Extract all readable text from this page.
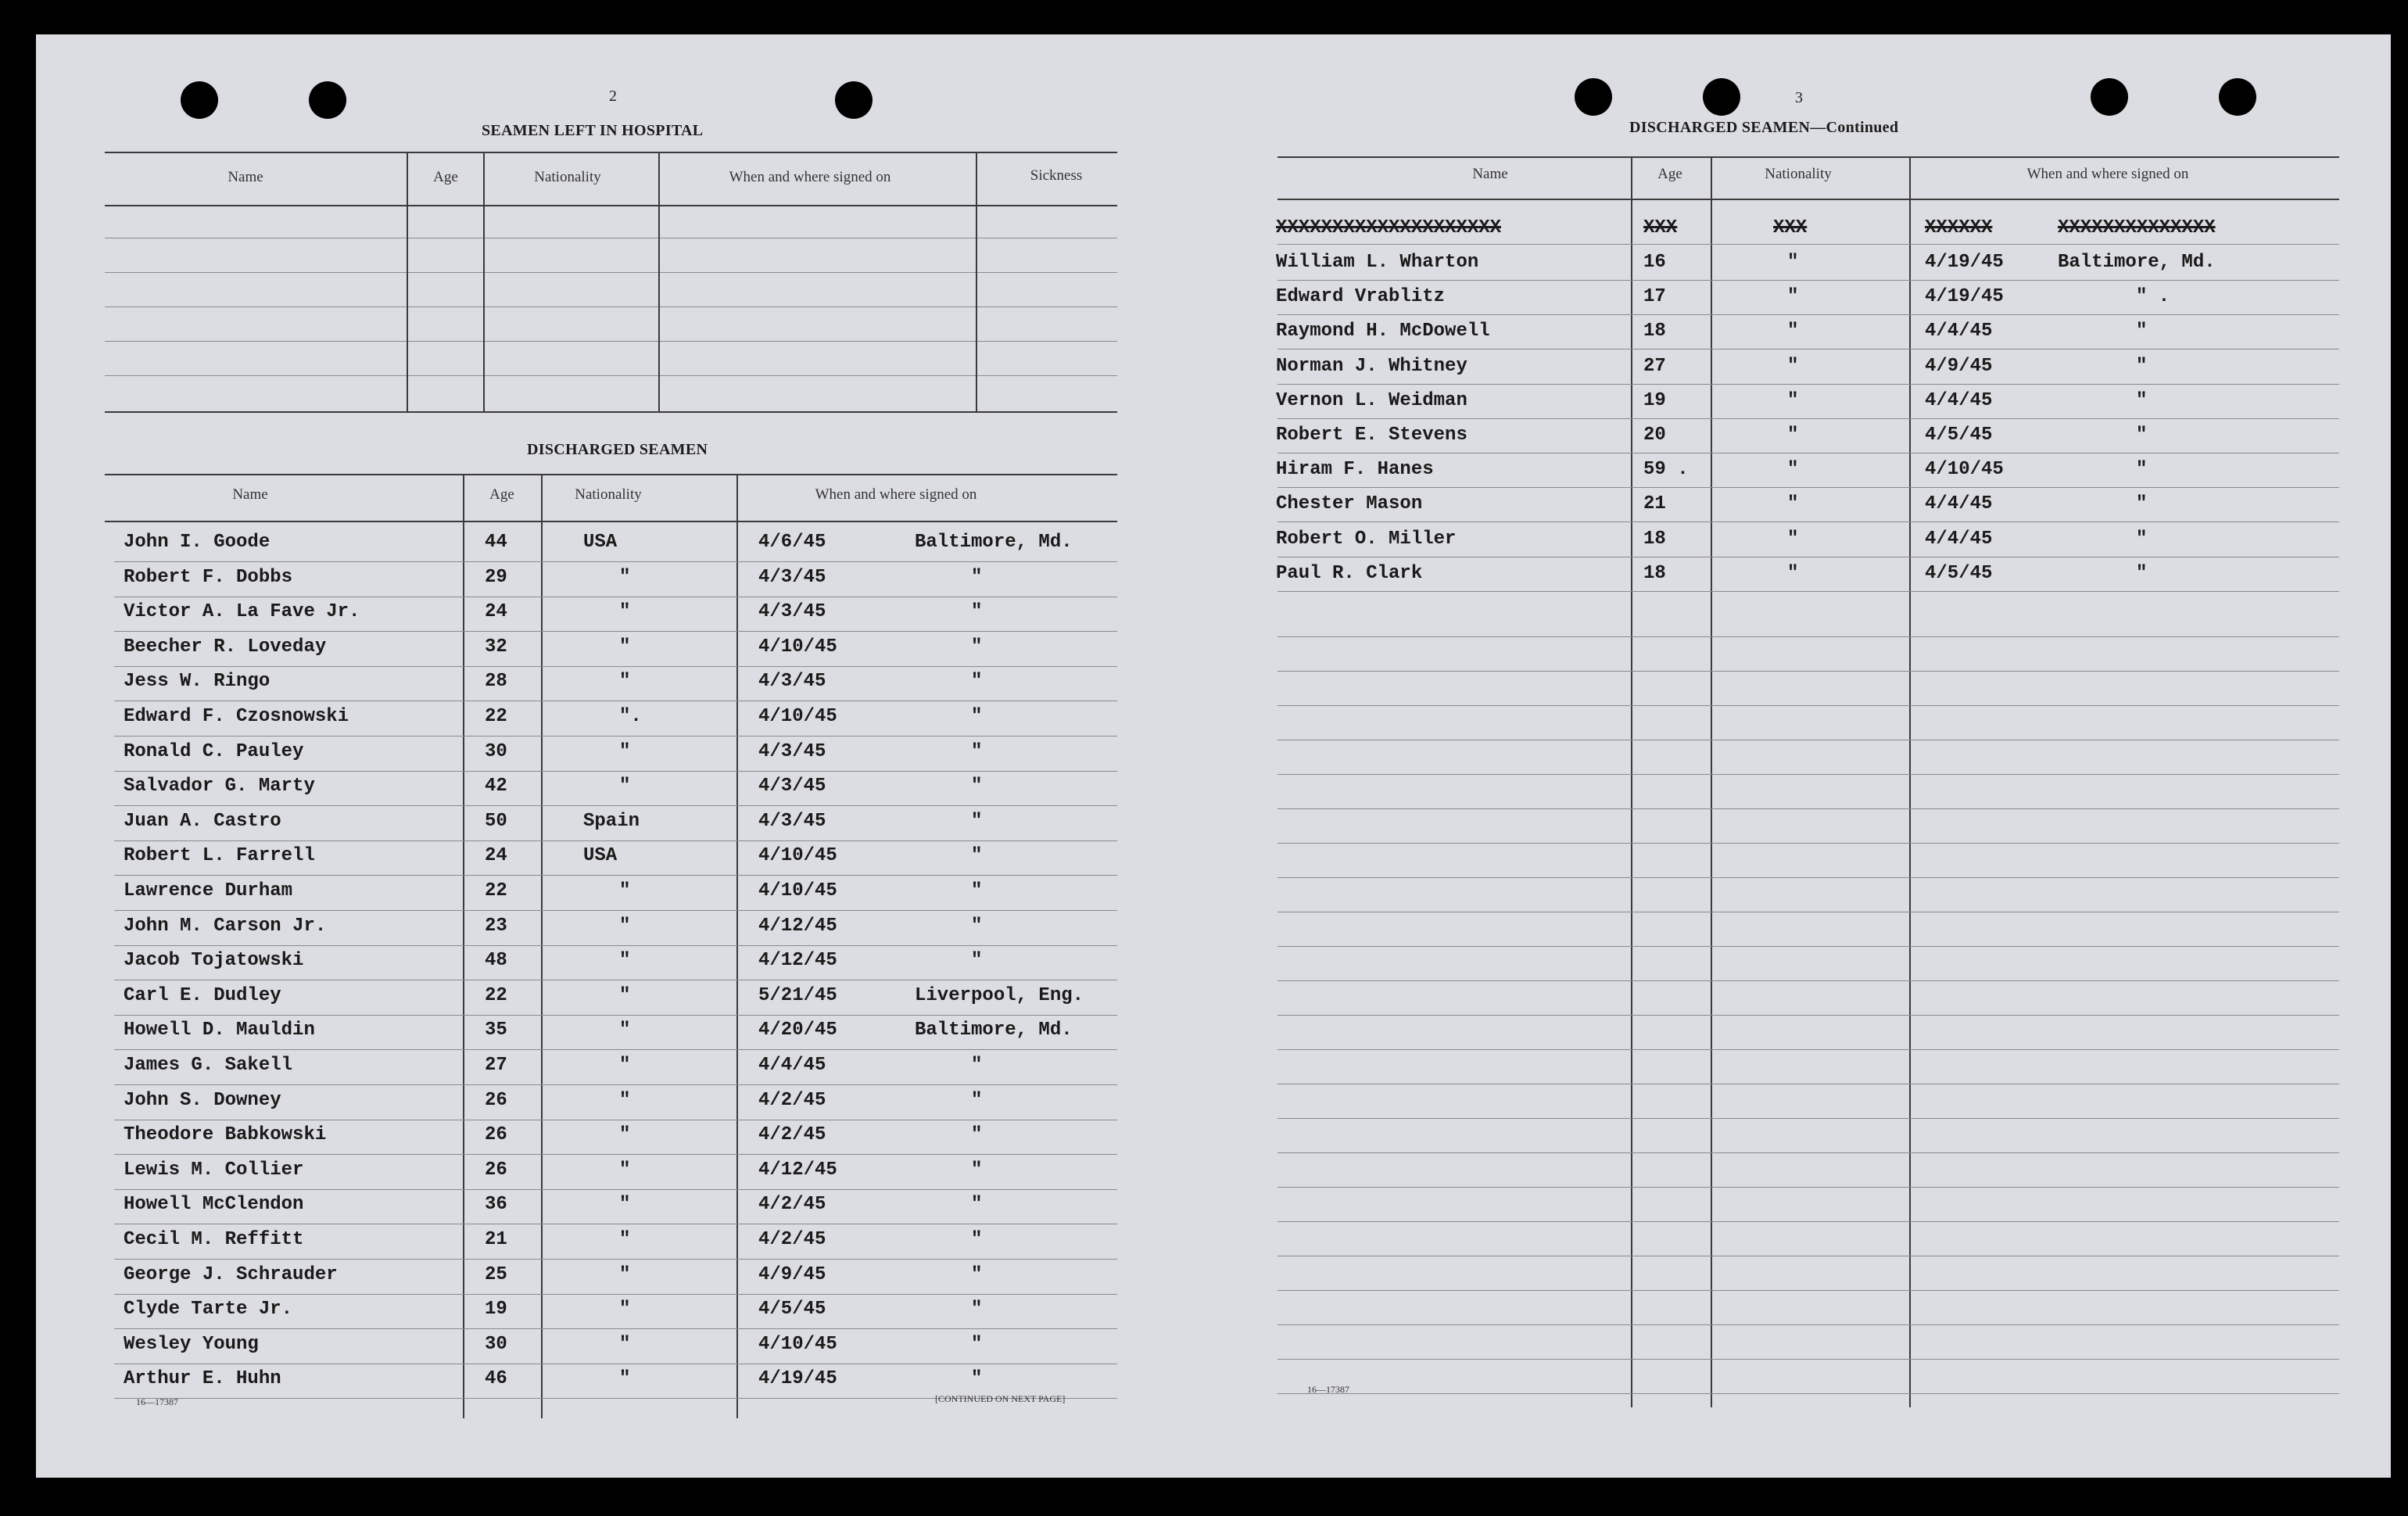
2
SEAMEN LEFT IN HOSPITAL
Name	Age	Nationality	When and where signed on	Sickness
DISCHARGED SEAMEN
Name	Age	Nationality	When and where signed on
John I. Goode	44	USA	4/6/45	Baltimore, Md.
Robert F. Dobbs	29	"	4/3/45	"
Victor A. La Fave Jr.	24	"	4/3/45	"
Beecher R. Loveday	32	"	4/10/45	"
Jess W. Ringo	28	"	4/3/45	"
Edward F. Czosnowski	22	".	4/10/45	"
Ronald C. Pauley	30	"	4/3/45	"
Salvador G. Marty	42	"	4/3/45	"
Juan A. Castro	50	Spain	4/3/45	"
Robert L. Farrell	24	USA	4/10/45	"
Lawrence Durham	22	"	4/10/45	"
John M. Carson Jr.	23	"	4/12/45	"
Jacob Tojatowski	48	"	4/12/45	"
Carl E. Dudley	22	"	5/21/45	Liverpool, Eng.
Howell D. Mauldin	35	"	4/20/45	Baltimore, Md.
James G. Sakell	27	"	4/4/45	"
John S. Downey	26	"	4/2/45	"
Theodore Babkowski	26	"	4/2/45	"
Lewis M. Collier	26	"	4/12/45	"
Howell McClendon	36	"	4/2/45	"
Cecil M. Reffitt	21	"	4/2/45	"
George J. Schrauder	25	"	4/9/45	"
Clyde Tarte Jr.	19	"	4/5/45	"
Wesley Young	30	"	4/10/45	"
Arthur E. Huhn	46	"	4/19/45	"
16—17387	[CONTINUED ON NEXT PAGE]
3
DISCHARGED SEAMEN—Continued
Name	Age	Nationality	When and where signed on
XXXXXXXXXXXXXXXXXXXX	XXX	XXX	XXXXXX	XXXXXXXXXXXXXX
William L. Wharton	16	"	4/19/45	Baltimore, Md.
Edward Vrablitz	17	"	4/19/45	" .
Raymond H. McDowell	18	"	4/4/45	"
Norman J. Whitney	27	"	4/9/45	"
Vernon L. Weidman	19	"	4/4/45	"
Robert E. Stevens	20	"	4/5/45	"
Hiram F. Hanes	59 .	"	4/10/45	"
Chester Mason	21	"	4/4/45	"
Robert O. Miller	18	"	4/4/45	"
Paul R. Clark	18	"	4/5/45	"
16—17387
